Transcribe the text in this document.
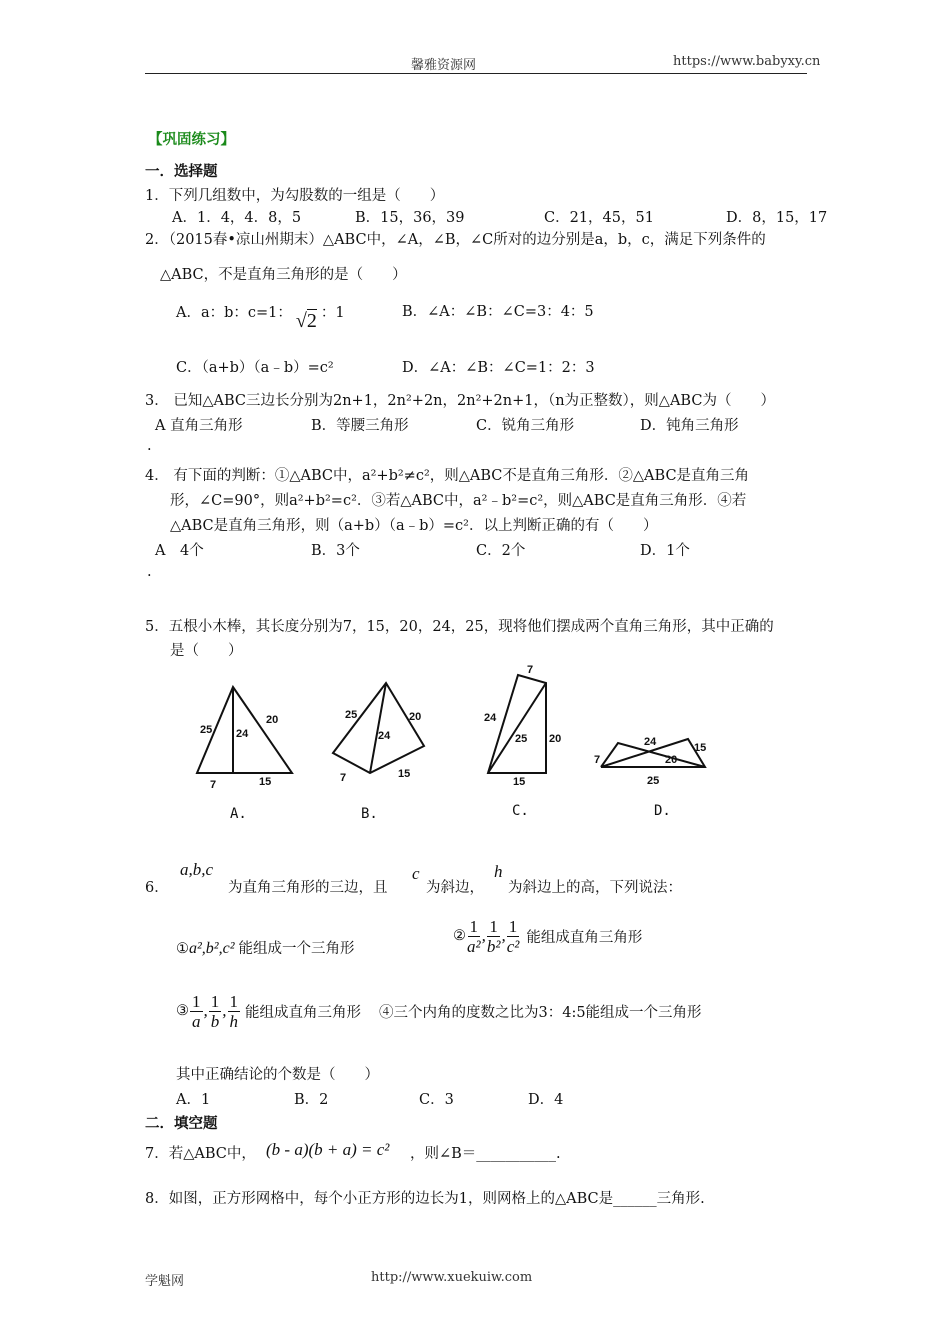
馨雅资源网	https://www.babyxy.cn
【巩固练习】
一．选择题
1．下列几组数中，为勾股数的一组是（　　）
A．1．4，4．8，5	B．15，36，39	C．21，45，51	D．8，15，17
2．（2015春•凉山州期末）△ABC中，∠A，∠B，∠C所对的边分别是a，b，c，满足下列条件的
△ABC，不是直角三角形的是（　　）
A．a：b：c=1： √2 ：1	B．∠A：∠B：∠C=3：4：5
C．（a+b）（a﹣b）=c²	D．∠A：∠B：∠C=1：2：3
3． 已知△ABC三边长分别为2n+1，2n²+2n，2n²+2n+1，（n为正整数），则△ABC为（　　）
A 直角三角形	B．等腰三角形	C．锐角三角形	D．钝角三角形
.
4． 有下面的判断：①△ABC中，a²+b²≠c²，则△ABC不是直角三角形．②△ABC是直角三角
形，∠C=90°，则a²+b²=c²．③若△ABC中，a²﹣b²=c²，则△ABC是直角三角形．④若
△ABC是直角三角形，则（a+b）（a﹣b）=c²．以上判断正确的有（　　）
A　4个	B．3个	C．2个	D．1个
.
5．五根小木棒，其长度分别为7，15，20，24，25，现将他们摆成两个直角三角形，其中正确的
是（　　）
25 24
20
7	15
A.
25
24
20
7	15
B.
7
24
25 20
15
C.
7
24
20
15
25
D.
6．
a,b,c
为直角三角形的三边，且
c
为斜边，
h
为斜边上的高，下列说法：
①a²,b²,c² 能组成一个三角形
② $\frac{1}{\text{a²}}$ , $\frac{1}{\text{b²}}$ , $\frac{1}{\text{c²}}$ 能组成直角三角形
③ $\frac{1}{a}$ , $\frac{1}{b}$ , $\frac{1}{h}$ 能组成直角三角形 ④三个内角的度数之比为3：4:5能组成一个三角形
其中正确结论的个数是（　　）
A．1	B．2	C．3	D．4
二．填空题
7．若△ABC中， (b - a)(b + a) = c² ，则∠B＝___________.
8．如图，正方形网格中，每个小正方形的边长为1，则网格上的△ABC是______三角形.
学魁网	http://www.xuekuiw.com
